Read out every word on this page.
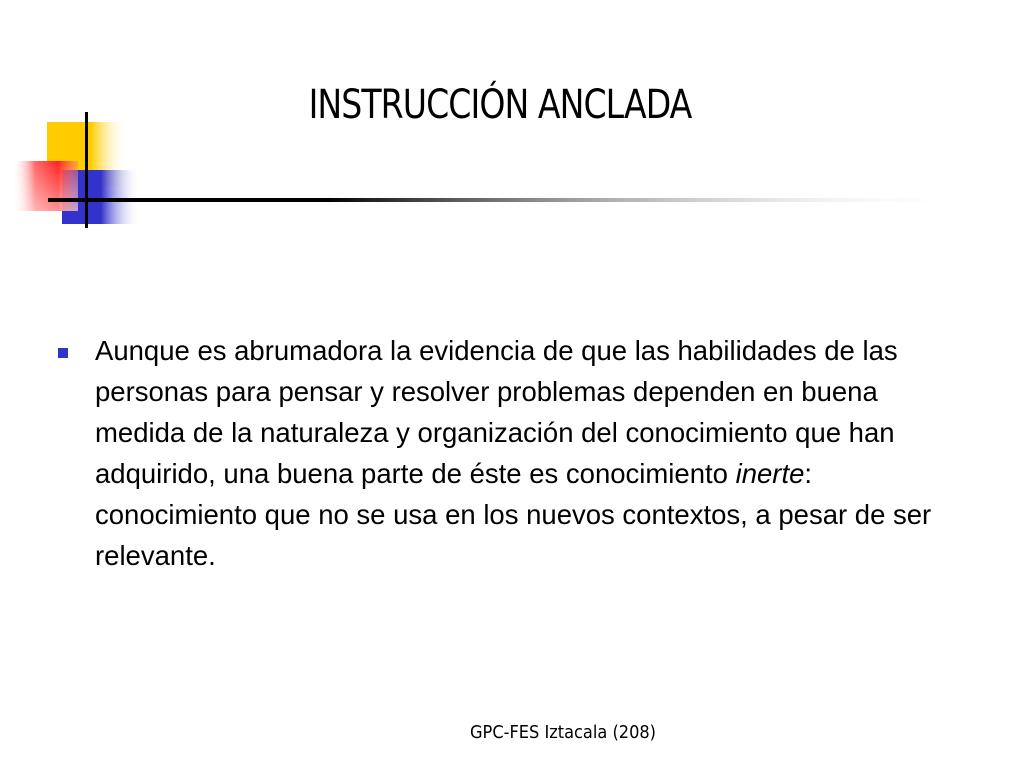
INSTRUCCIÓN ANCLADA
Aunque es abrumadora la evidencia de que las habilidades de las personas para pensar y resolver problemas dependen en buena medida de la naturaleza y organización del conocimiento que han adquirido, una buena parte de éste es conocimiento inerte: conocimiento que no se usa en los nuevos contextos, a pesar de ser relevante.
GPC-FES Iztacala (208)
